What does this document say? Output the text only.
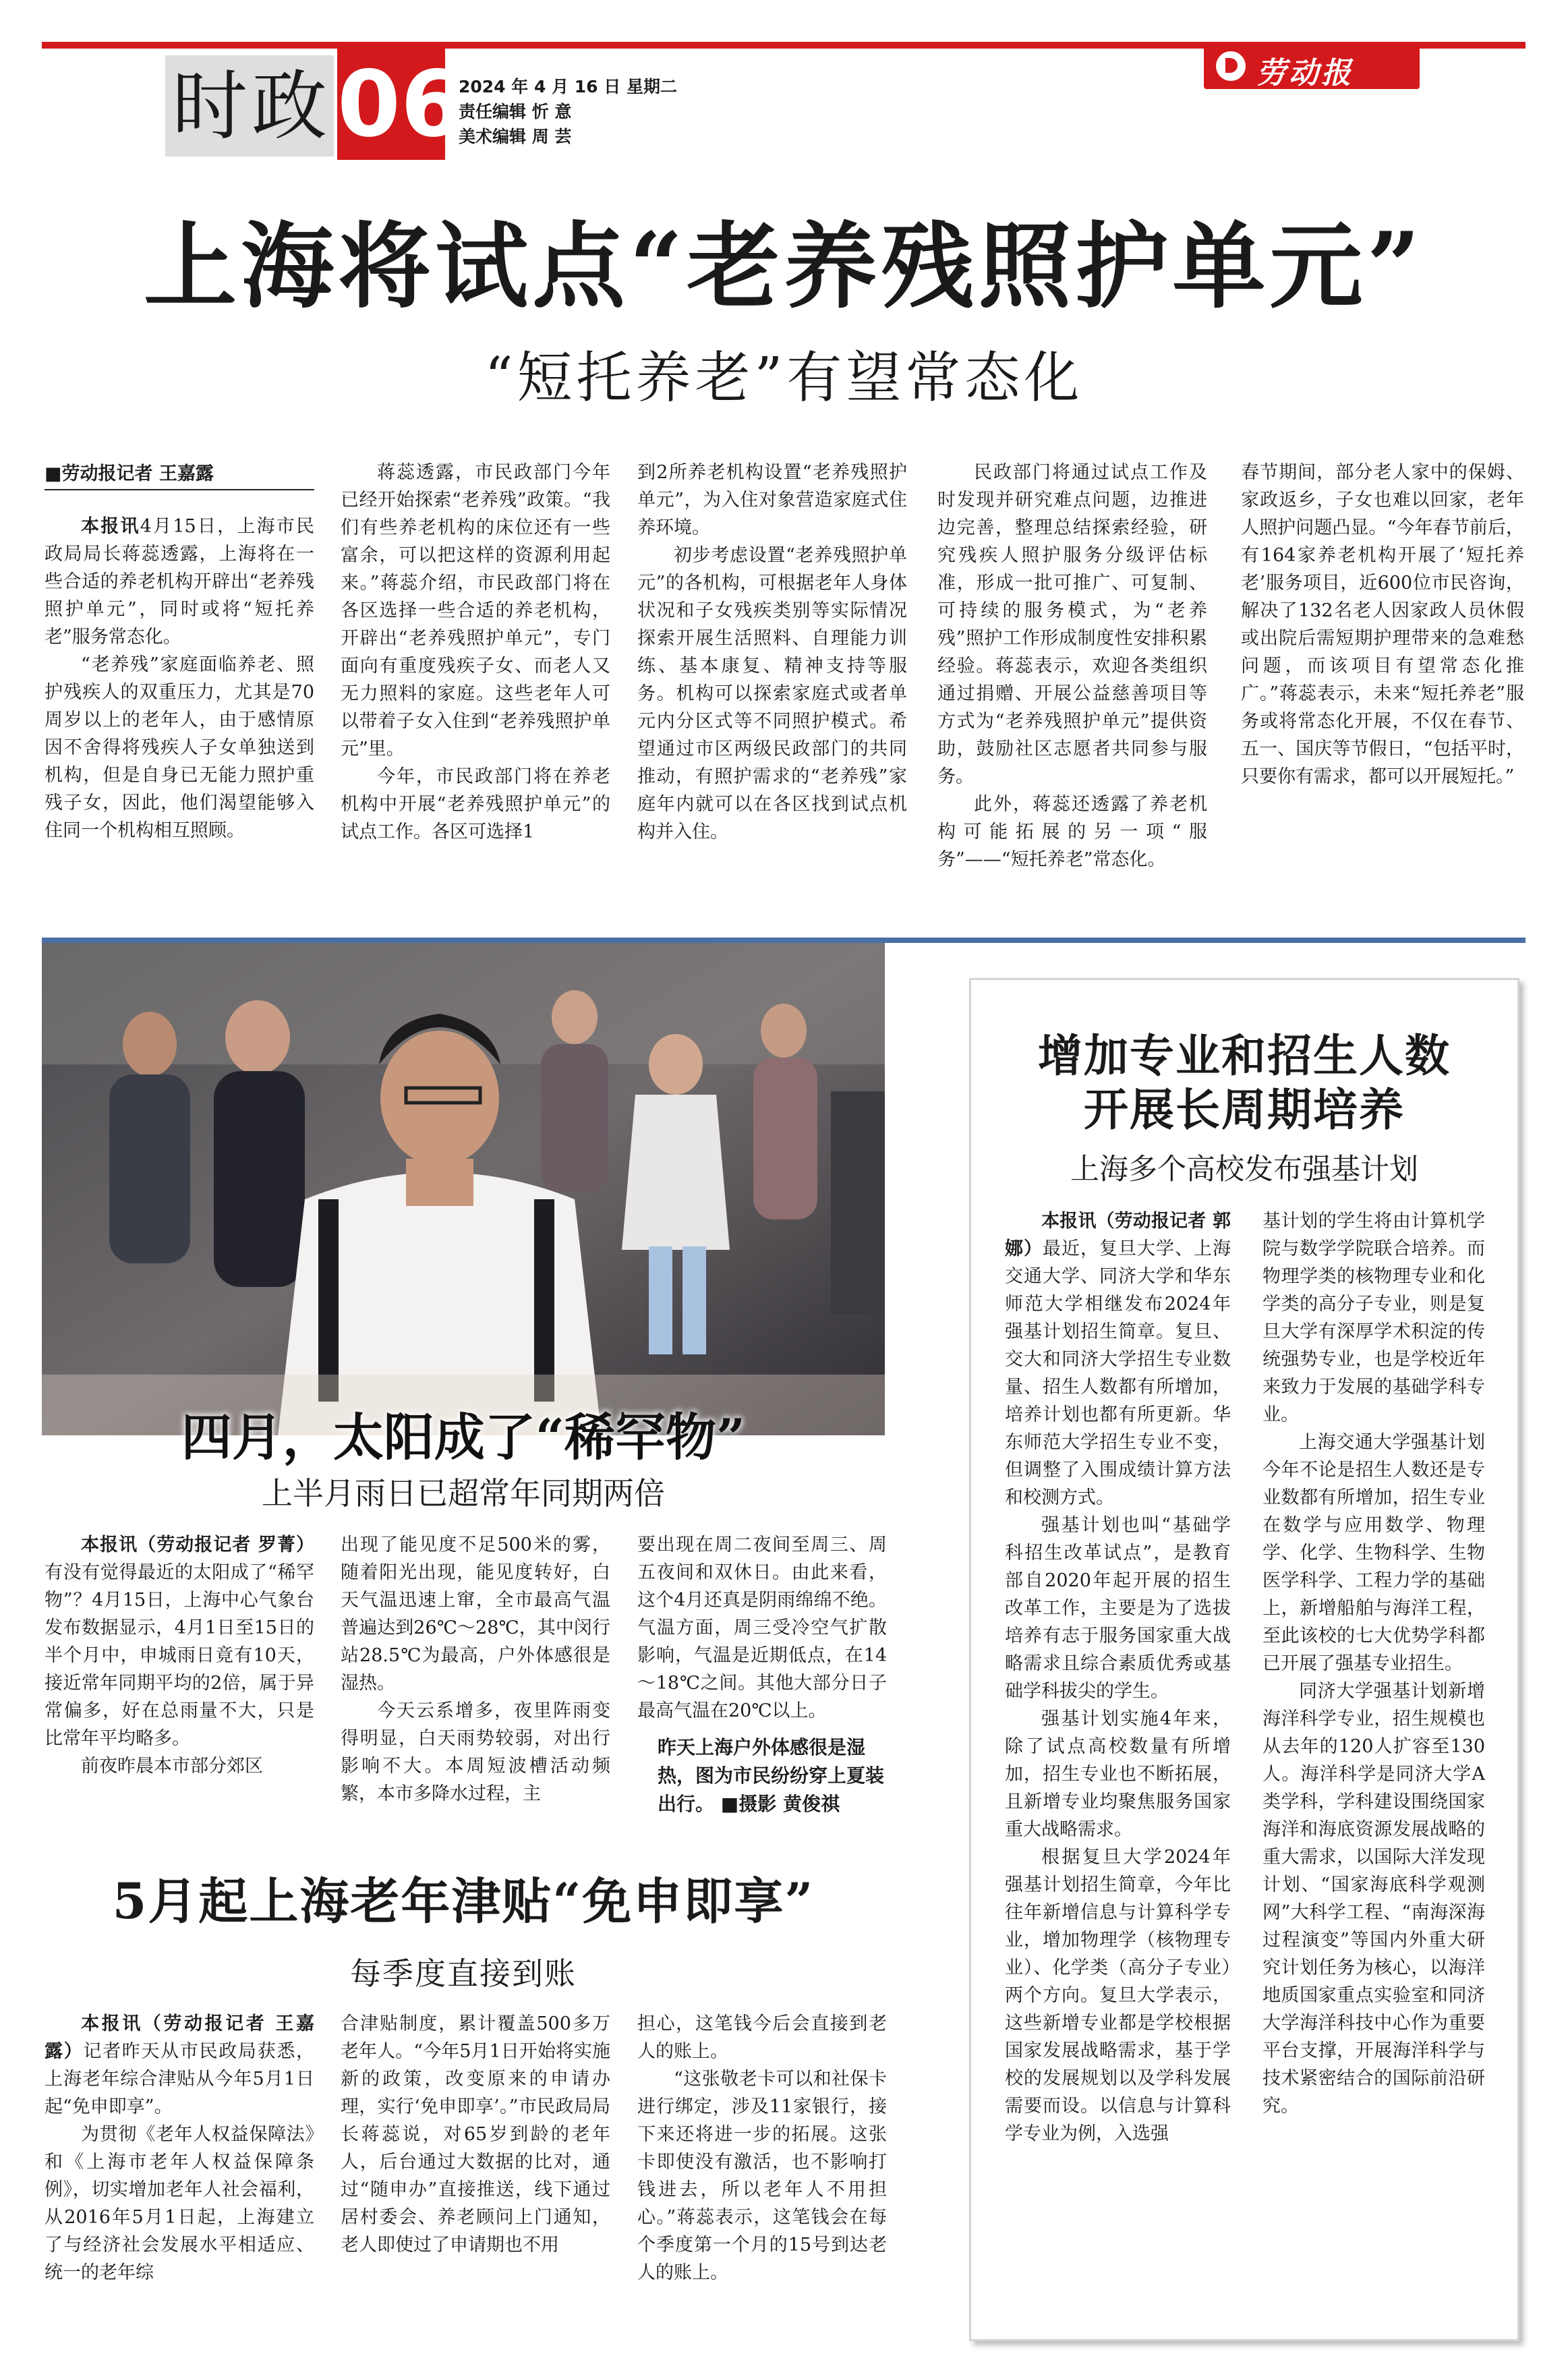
时政 06
2024 年 4 月 16 日 星期二
责任编辑 忻 意
美术编辑 周 芸
劳动报
上海将试点“老养残照护单元”
“短托养老”有望常态化
■劳动报记者 王嘉露

本报讯4月15日，上海市民政局局长蒋蕊透露，上海将在一些合适的养老机构开辟出“老养残照护单元”，同时或将“短托养老”服务常态化。

“老养残”家庭面临养老、照护残疾人的双重压力，尤其是70周岁以上的老年人，由于感情原因不舍得将残疾人子女单独送到机构，但是自身已无能力照护重残子女，因此，他们渴望能够入住同一个机构相互照顾。

蒋蕊透露，市民政部门今年已经开始探索“老养残”政策。“我们有些养老机构的床位还有一些富余，可以把这样的资源利用起来。”蒋蕊介绍，市民政部门将在各区选择一些合适的养老机构，开辟出“老养残照护单元”，专门面向有重度残疾子女、而老人又无力照料的家庭。这些老年人可以带着子女入住到“老养残照护单元”里。

今年，市民政部门将在养老机构中开展“老养残照护单元”的试点工作。各区可选择1

到2所养老机构设置“老养残照护单元”，为入住对象营造家庭式住养环境。

初步考虑设置“老养残照护单元”的各机构，可根据老年人身体状况和子女残疾类别等实际情况探索开展生活照料、自理能力训练、基本康复、精神支持等服务。机构可以探索家庭式或者单元内分区式等不同照护模式。希望通过市区两级民政部门的共同推动，有照护需求的“老养残”家庭年内就可以在各区找到试点机构并入住。

民政部门将通过试点工作及时发现并研究难点问题，边推进边完善，整理总结探索经验，研究残疾人照护服务分级评估标准，形成一批可推广、可复制、可持续的服务模式，为“老养残”照护工作形成制度性安排积累经验。蒋蕊表示，欢迎各类组织通过捐赠、开展公益慈善项目等方式为“老养残照护单元”提供资助，鼓励社区志愿者共同参与服务。

此外，蒋蕊还透露了养老机构可能拓展的另一项“服务”——“短托养老”常态化。

春节期间，部分老人家中的保姆、家政返乡，子女也难以回家，老年人照护问题凸显。“今年春节前后，有164家养老机构开展了‘短托养老’服务项目，近600位市民咨询，解决了132名老人因家政人员休假或出院后需短期护理带来的急难愁问题，而该项目有望常态化推广。”蒋蕊表示，未来“短托养老”服务或将常态化开展，不仅在春节、五一、国庆等节假日，“包括平时，只要你有需求，都可以开展短托。”

四月，太阳成了“稀罕物”
上半月雨日已超常年同期两倍

本报讯（劳动报记者 罗菁）有没有觉得最近的太阳成了“稀罕物”？4月15日，上海中心气象台发布数据显示，4月1日至15日的半个月中，申城雨日竟有10天，接近常年同期平均的2倍，属于异常偏多，好在总雨量不大，只是比常年平均略多。

前夜昨晨本市部分郊区

出现了能见度不足500米的雾，随着阳光出现，能见度转好，白天气温迅速上窜，全市最高气温普遍达到26℃～28℃，其中闵行站28.5℃为最高，户外体感很是湿热。

今天云系增多，夜里阵雨变得明显，白天雨势较弱，对出行影响不大。本周短波槽活动频繁，本市多降水过程，主

要出现在周二夜间至周三、周五夜间和双休日。由此来看，这个4月还真是阴雨绵绵不绝。气温方面，周三受冷空气扩散影响，气温是近期低点，在14～18℃之间。其他大部分日子最高气温在20℃以上。

昨天上海户外体感很是湿热，图为市民纷纷穿上夏装出行。 ■摄影 黄俊祺
5月起上海老年津贴“免申即享”
每季度直接到账

本报讯（劳动报记者 王嘉露）记者昨天从市民政局获悉，上海老年综合津贴从今年5月1日起“免申即享”。

为贯彻《老年人权益保障法》和《上海市老年人权益保障条例》，切实增加老年人社会福利，从2016年5月1日起，上海建立了与经济社会发展水平相适应、统一的老年综

合津贴制度，累计覆盖500多万老年人。“今年5月1日开始将实施新的政策，改变原来的申请办理，实行‘免申即享’。”市民政局局长蒋蕊说，对65岁到龄的老年人，后台通过大数据的比对，通过“随申办”直接推送，线下通过居村委会、养老顾问上门通知，老人即使过了申请期也不用

担心，这笔钱今后会直接到老人的账上。

“这张敬老卡可以和社保卡进行绑定，涉及11家银行，接下来还将进一步的拓展。这张卡即使没有激活，也不影响打钱进去，所以老年人不用担心。”蒋蕊表示，这笔钱会在每个季度第一个月的15号到达老人的账上。

增加专业和招生人数
开展长周期培养
上海多个高校发布强基计划

本报讯（劳动报记者 郭娜）最近，复旦大学、上海交通大学、同济大学和华东师范大学相继发布2024年强基计划招生简章。复旦、交大和同济大学招生专业数量、招生人数都有所增加，培养计划也都有所更新。华东师范大学招生专业不变，但调整了入围成绩计算方法和校测方式。

强基计划也叫“基础学科招生改革试点”，是教育部自2020年起开展的招生改革工作，主要是为了选拔培养有志于服务国家重大战略需求且综合素质优秀或基础学科拔尖的学生。

强基计划实施4年来，除了试点高校数量有所增加，招生专业也不断拓展，且新增专业均聚焦服务国家重大战略需求。

根据复旦大学2024年强基计划招生简章，今年比往年新增信息与计算科学专业，增加物理学（核物理专业）、化学类（高分子专业）两个方向。复旦大学表示，这些新增专业都是学校根据国家发展战略需求，基于学校的发展规划以及学科发展需要而设。以信息与计算科学专业为例，入选强

基计划的学生将由计算机学院与数学学院联合培养。而物理学类的核物理专业和化学类的高分子专业，则是复旦大学有深厚学术积淀的传统强势专业，也是学校近年来致力于发展的基础学科专业。

上海交通大学强基计划今年不论是招生人数还是专业数都有所增加，招生专业在数学与应用数学、物理学、化学、生物科学、生物医学科学、工程力学的基础上，新增船舶与海洋工程，至此该校的七大优势学科都已开展了强基专业招生。

同济大学强基计划新增海洋科学专业，招生规模也从去年的120人扩容至130人。海洋科学是同济大学A类学科，学科建设围绕国家海洋和海底资源发展战略的重大需求，以国际大洋发现计划、“国家海底科学观测网”大科学工程、“南海深海过程演变”等国内外重大研究计划任务为核心，以海洋地质国家重点实验室和同济大学海洋科技中心作为重要平台支撑，开展海洋科学与技术紧密结合的国际前沿研究。
